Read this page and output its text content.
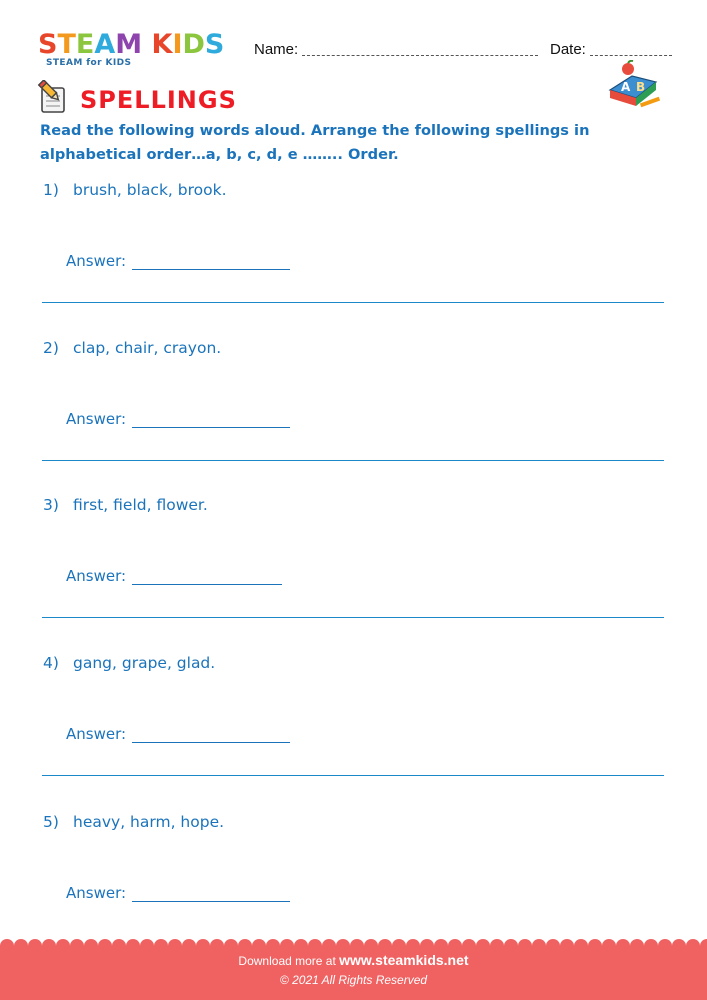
STEAM KIDS
STEAM for KIDS
Name:	Date:
SPELLINGS	A B
Read the following words aloud. Arrange the following spellings in alphabetical order…a, b, c, d, e …….. Order.
1) brush, black, brook.
Answer:
2) clap, chair, crayon.
Answer:
3) first, field, flower.
Answer:
4) gang, grape, glad.
Answer:
5) heavy, harm, hope.
Answer:
Download more at www.steamkids.net
© 2021 All Rights Reserved
